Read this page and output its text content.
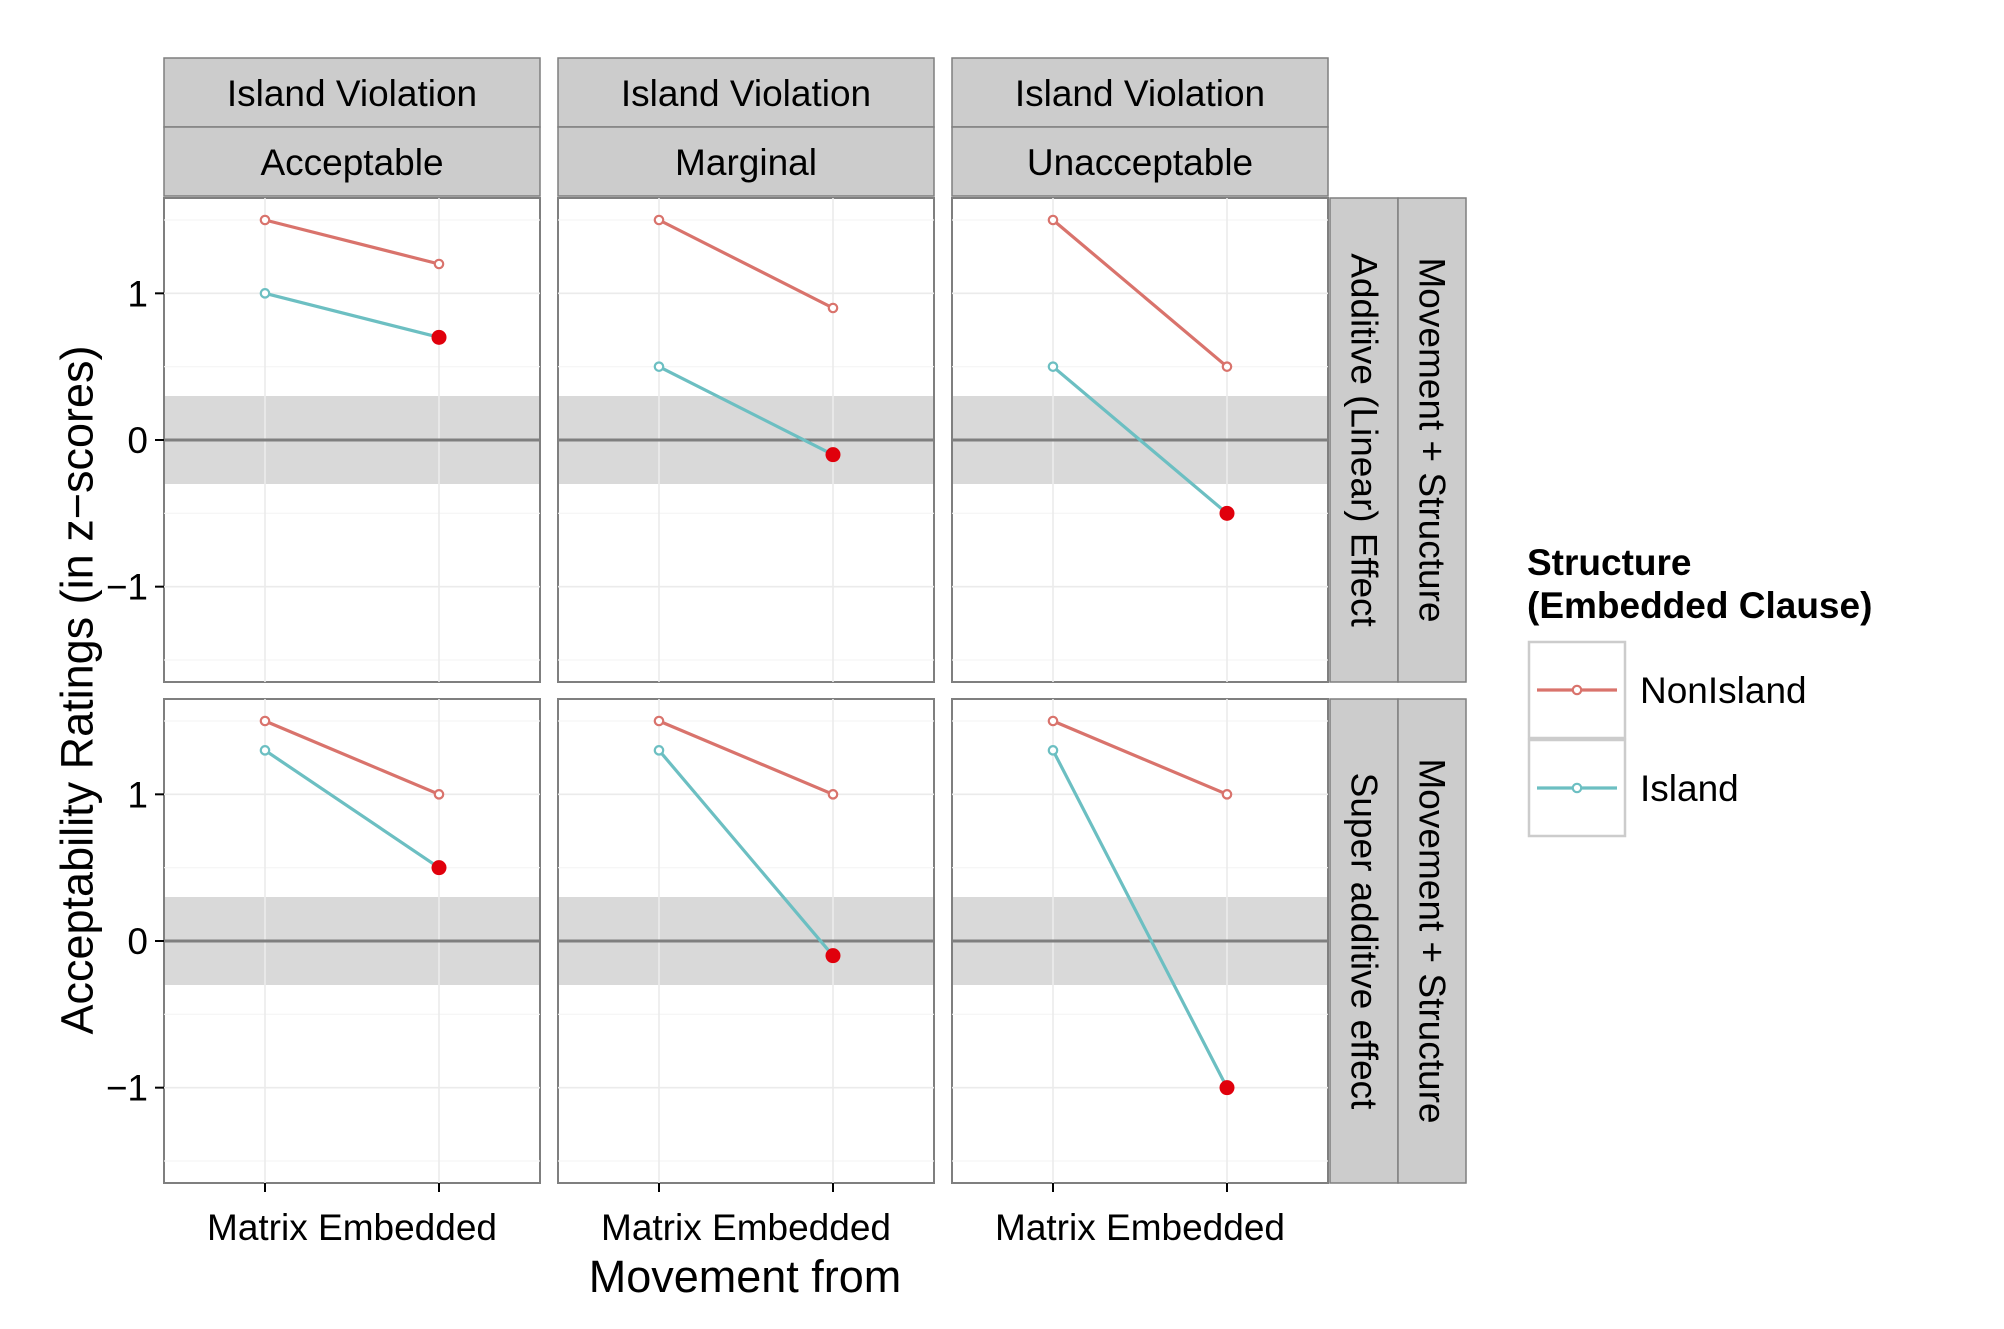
1
0
−1
1
0
−1
Matrix Embedded	Matrix Embedded	Matrix Embedded
Island Violation
Acceptable
Island Violation
Marginal
Island Violation
Unacceptable
Additive (Linear) Effect Movement + Structure
Super additive effect Movement + Structure
Movement from
Acceptability Ratings (in z−scores)	Structure
(Embedded Clause)
NonIsland
Island
